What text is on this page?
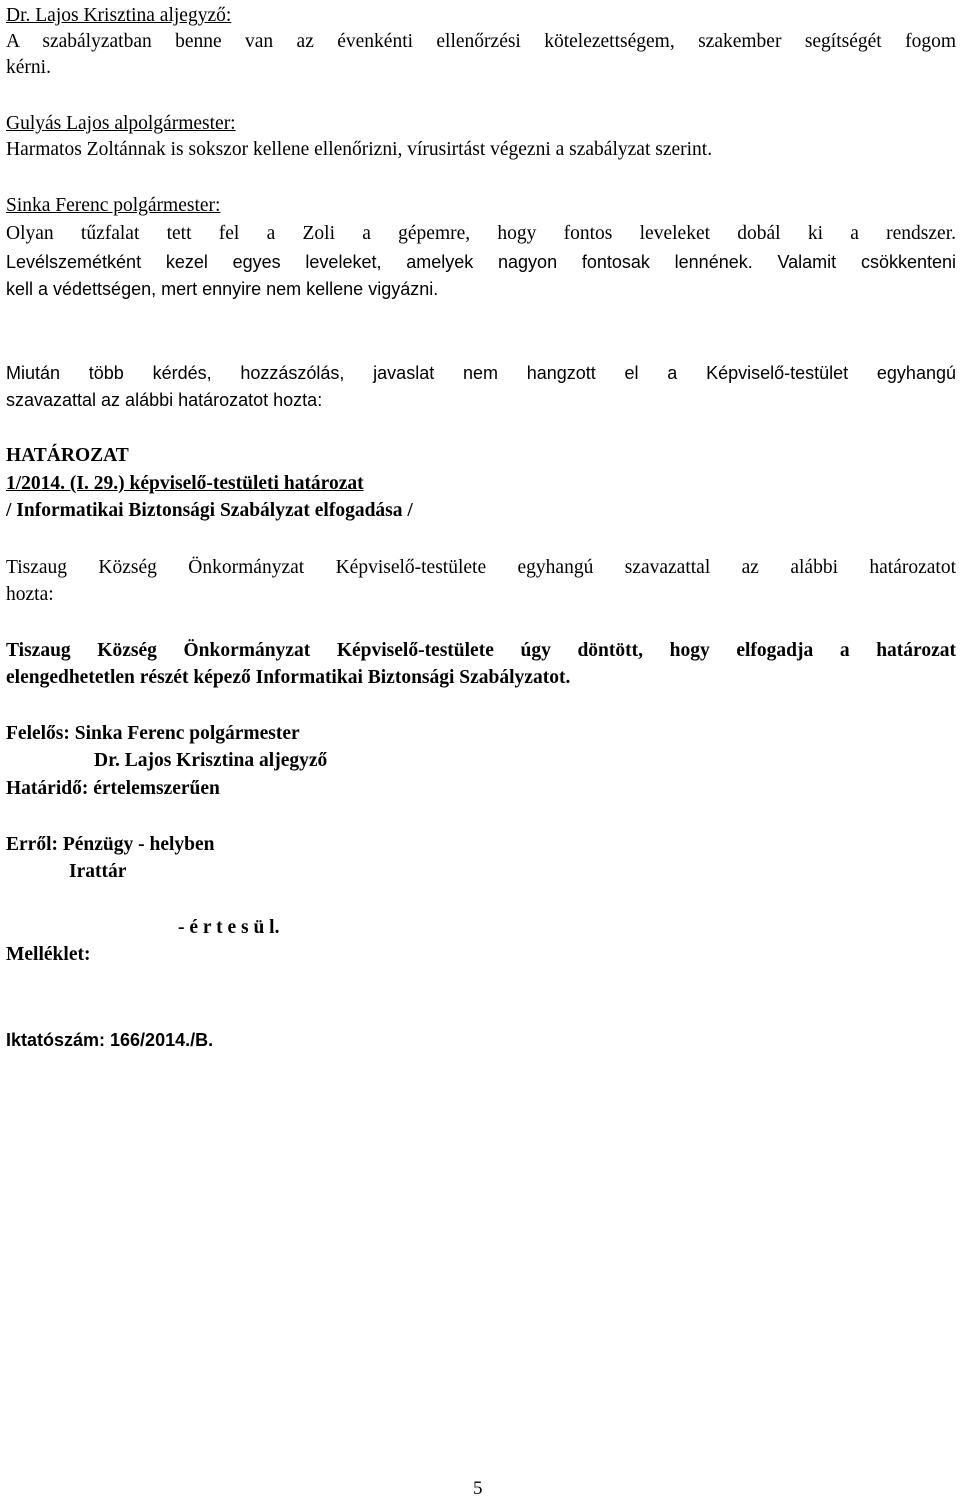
Dr. Lajos Krisztina aljegyző:
A szabályzatban benne van az évenkénti ellenőrzési kötelezettségem, szakember segítségét fogom
kérni.
Gulyás Lajos alpolgármester:
Harmatos Zoltánnak is sokszor kellene ellenőrizni, vírusirtást végezni a szabályzat szerint.
Sinka Ferenc polgármester:
Olyan tűzfalat tett fel a Zoli a gépemre, hogy fontos leveleket dobál ki a rendszer.
Levélszemétként kezel egyes leveleket, amelyek nagyon fontosak lennének. Valamit csökkenteni
kell a védettségen, mert ennyire nem kellene vigyázni.
Miután több kérdés, hozzászólás, javaslat nem hangzott el a Képviselő-testület egyhangú
szavazattal az alábbi határozatot hozta:
HATÁROZAT
1/2014. (I. 29.) képviselő-testületi határozat
/ Informatikai Biztonsági Szabályzat elfogadása /
Tiszaug Község Önkormányzat Képviselő-testülete egyhangú szavazattal az alábbi határozatot
hozta:
Tiszaug Község Önkormányzat Képviselő-testülete úgy döntött, hogy elfogadja a határozat
elengedhetetlen részét képező Informatikai Biztonsági Szabályzatot.
Felelős: Sinka Ferenc polgármester
Dr. Lajos Krisztina aljegyző
Határidő: értelemszerűen
Erről: Pénzügy - helyben
Irattár
- é r t e s ü l.
Melléklet:
Iktatószám: 166/2014./B.
5
